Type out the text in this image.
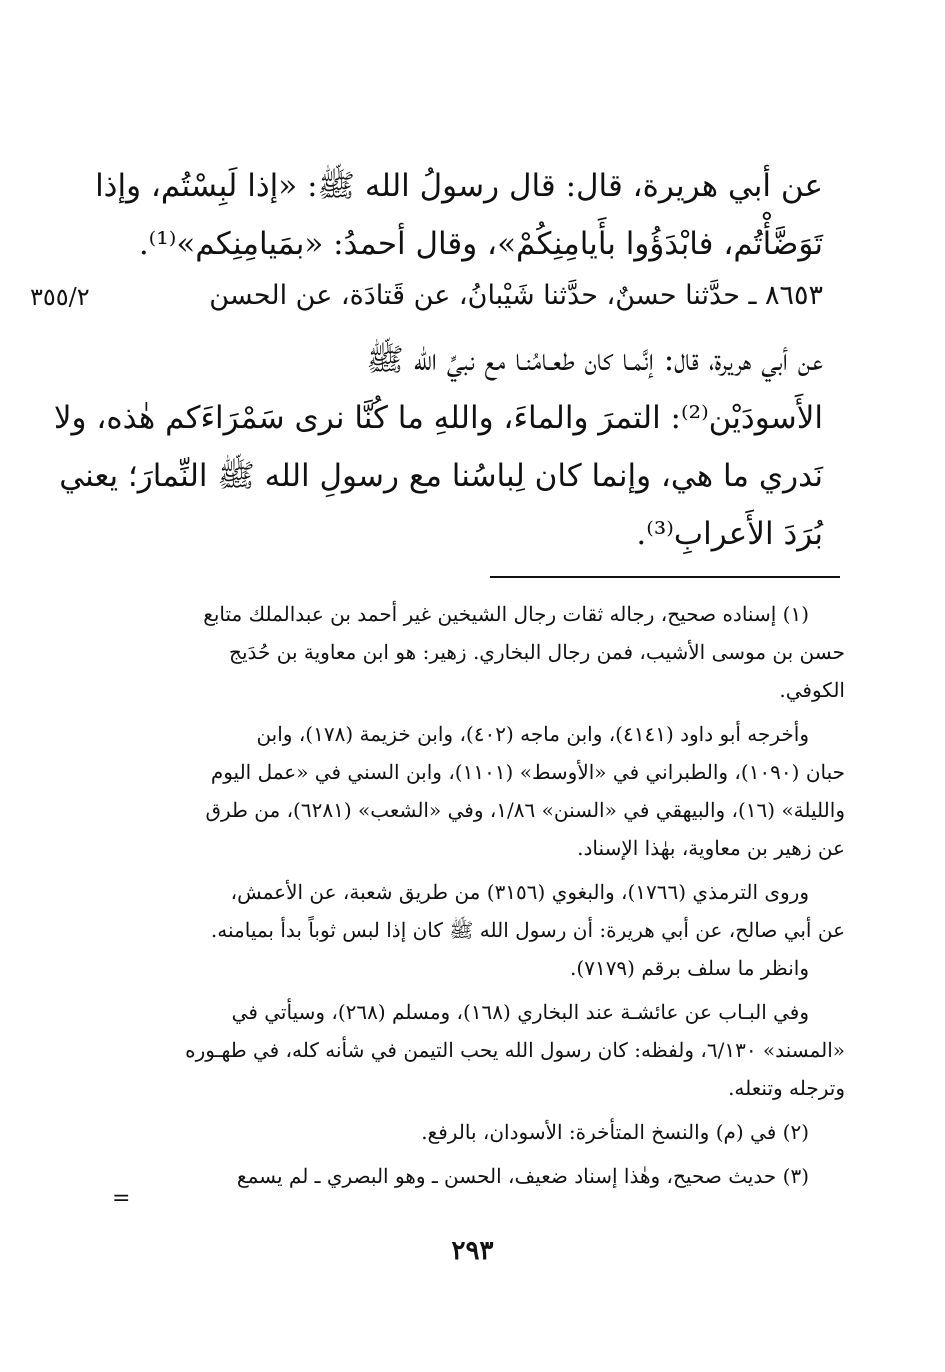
عن أبي هريرة، قال: قال رسولُ الله ﷺ: «إذا لَبِسْتُم، وإذا
تَوَضَّأْتُم، فابْدَؤُوا بأَيامِنِكُمْ»، وقال أحمدُ: «بمَيامِنِكم»⁽¹⁾.
٣٥٥/٢	٨٦٥٣ ـ حدَّثنا حسنٌ، حدَّثنا شَيْبانُ، عن قَتادَة، عن الحسن
عن أبي هريرة، قال: إنَّمـا كان طعـامُنـا مع نبيِّ الله ﷺ
الأَسودَيْن⁽²⁾: التمرَ والماءَ، واللهِ ما كُنَّا نرى سَمْرَاءَكم هٰذه، ولا
نَدري ما هي، وإنما كان لِباسُنا مع رسولِ الله ﷺ النِّمارَ؛ يعني
بُرَدَ الأَعرابِ⁽³⁾.
(١) إسناده صحيح، رجاله ثقات رجال الشيخين غير أحمد بن عبدالملك متابع
حسن بن موسى الأشيب، فمن رجال البخاري. زهير: هو ابن معاوية بن حُدَيج
الكوفي.
وأخرجه أبو داود (٤١٤١)، وابن ماجه (٤٠٢)، وابن خزيمة (١٧٨)، وابن
حبان (١٠٩٠)، والطبراني في «الأوسط» (١١٠١)، وابن السني في «عمل اليوم
والليلة» (١٦)، والبيهقي في «السنن» ١/٨٦، وفي «الشعب» (٦٢٨١)، من طرق
عن زهير بن معاوية، بهٰذا الإسناد.
وروى الترمذي (١٧٦٦)، والبغوي (٣١٥٦) من طريق شعبة، عن الأعمش،
عن أبي صالح، عن أبي هريرة: أن رسول الله ﷺ كان إذا لبس ثوباً بدأ بميامنه.
وانظر ما سلف برقم (٧١٧٩).
وفي البـاب عن عائشـة عند البخاري (١٦٨)، ومسلم (٢٦٨)، وسيأتي في
«المسند» ٦/١٣٠، ولفظه: كان رسول الله يحب التيمن في شأنه كله، في طهـوره
وترجله وتنعله.
(٢) في (م) والنسخ المتأخرة: الأسودان، بالرفع.
(٣) حديث صحيح، وهٰذا إسناد ضعيف، الحسن ـ وهو البصري ـ لم يسمع
=
٢٩٣
